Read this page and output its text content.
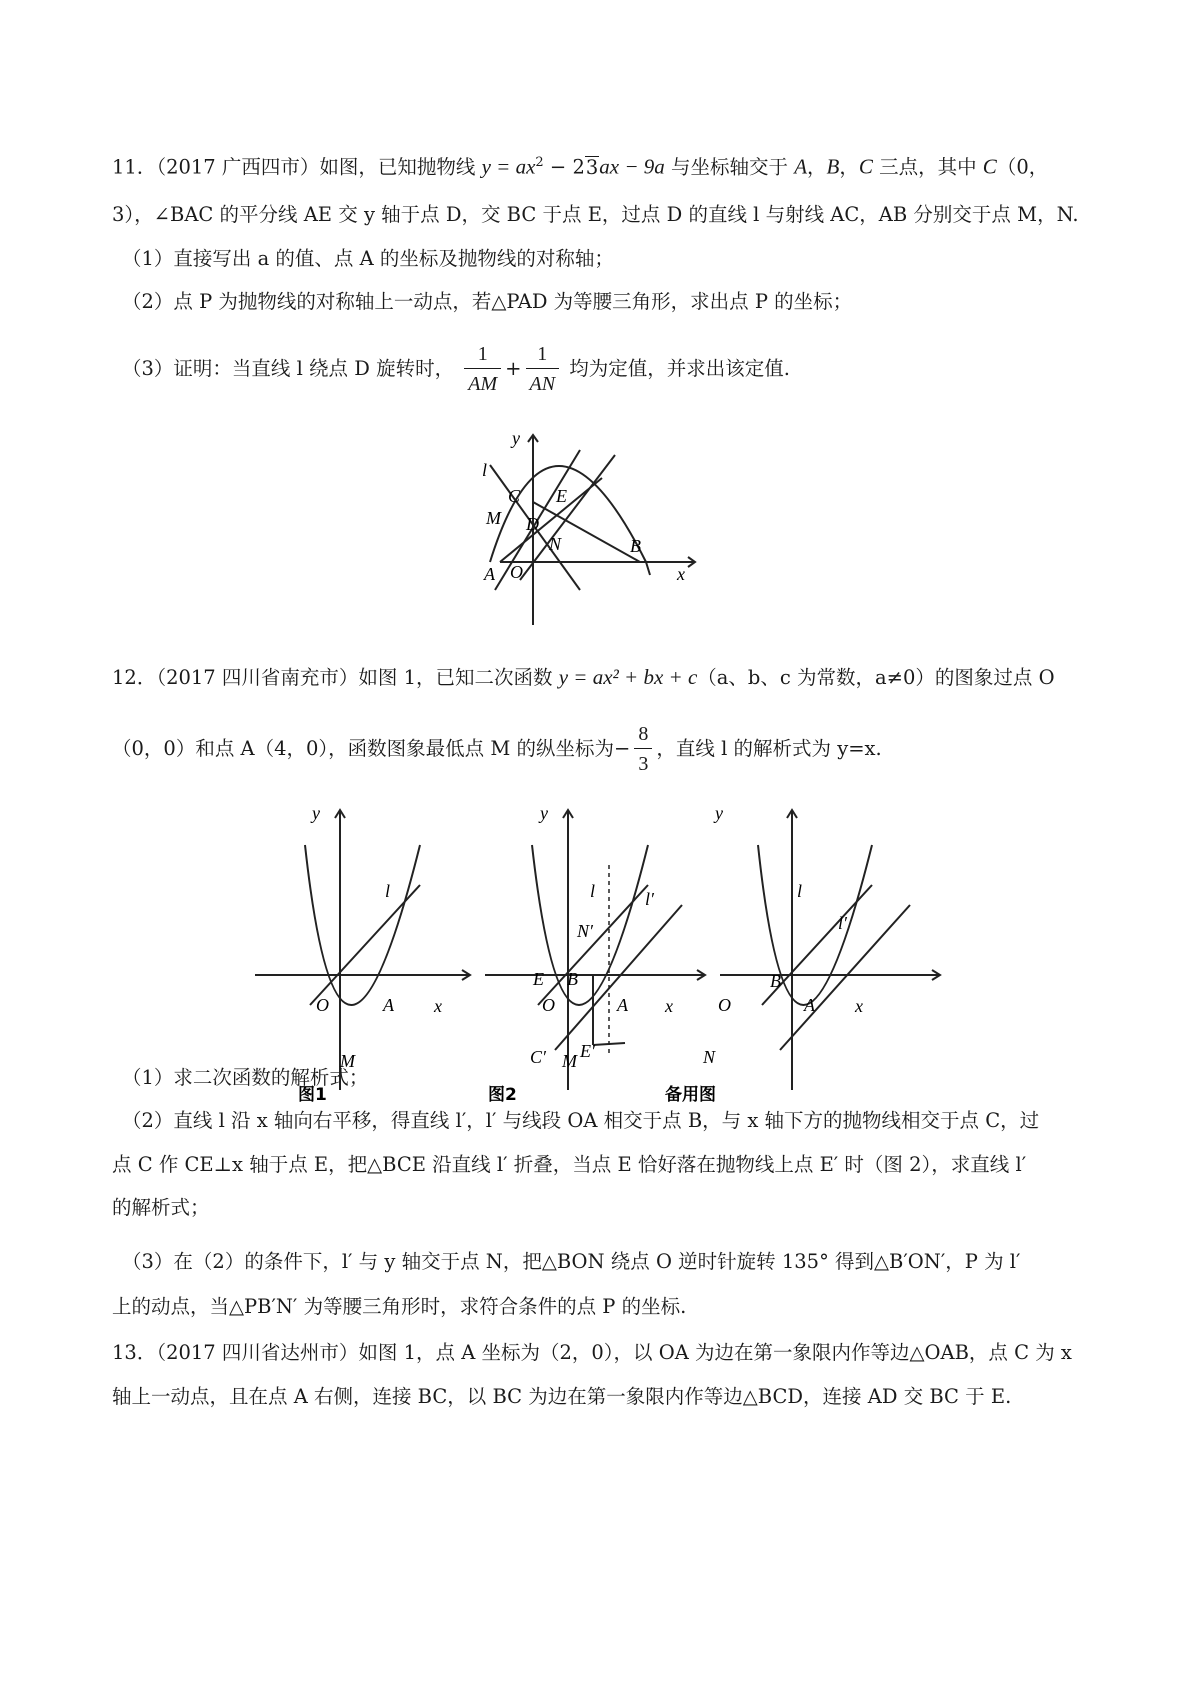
11．（2017 广西四市）如图，已知抛物线 $y = ax^2 - 23ax - 9a$ 与坐标轴交于 A，B，C 三点，其中 C（0，
3），∠BAC 的平分线 AE 交 y 轴于点 D，交 BC 于点 E，过点 D 的直线 l 与射线 AC，AB 分别交于点 M，N.
（1）直接写出 a 的值、点 A 的坐标及抛物线的对称轴；
（2）点 P 为抛物线的对称轴上一动点，若△PAD 为等腰三角形，求出点 P 的坐标；
（3）证明：当直线 l 绕点 D 旋转时， $\frac{1}{AM} + \frac{1}{AN}$ 均为定值，并求出该定值.
y
l
C E
M D
N	B
A O	x
12．（2017 四川省南充市）如图 1，已知二次函数 y = ax² + bx + c（a、b、c 为常数，a≠0）的图象过点 O
（0，0）和点 A（4，0），函数图象最低点 M 的纵坐标为− $\frac{8}{3}$ ，直线 l 的解析式为 y=x.
y
x
O	A
M
l
图1
y
x
O	A
M
l	l′
N′
E B
E′
C′
图2
y
x
O	A
l
l′
B
N
备用图
（1）求二次函数的解析式；
（2）直线 l 沿 x 轴向右平移，得直线 l′，l′ 与线段 OA 相交于点 B，与 x 轴下方的抛物线相交于点 C，过
点 C 作 CE⊥x 轴于点 E，把△BCE 沿直线 l′ 折叠，当点 E 恰好落在抛物线上点 E′ 时（图 2），求直线 l′
的解析式；
（3）在（2）的条件下，l′ 与 y 轴交于点 N，把△BON 绕点 O 逆时针旋转 135° 得到△B′ON′，P 为 l′
上的动点，当△PB′N′ 为等腰三角形时，求符合条件的点 P 的坐标.
13．（2017 四川省达州市）如图 1，点 A 坐标为（2，0），以 OA 为边在第一象限内作等边△OAB，点 C 为 x
轴上一动点，且在点 A 右侧，连接 BC，以 BC 为边在第一象限内作等边△BCD，连接 AD 交 BC 于 E.
